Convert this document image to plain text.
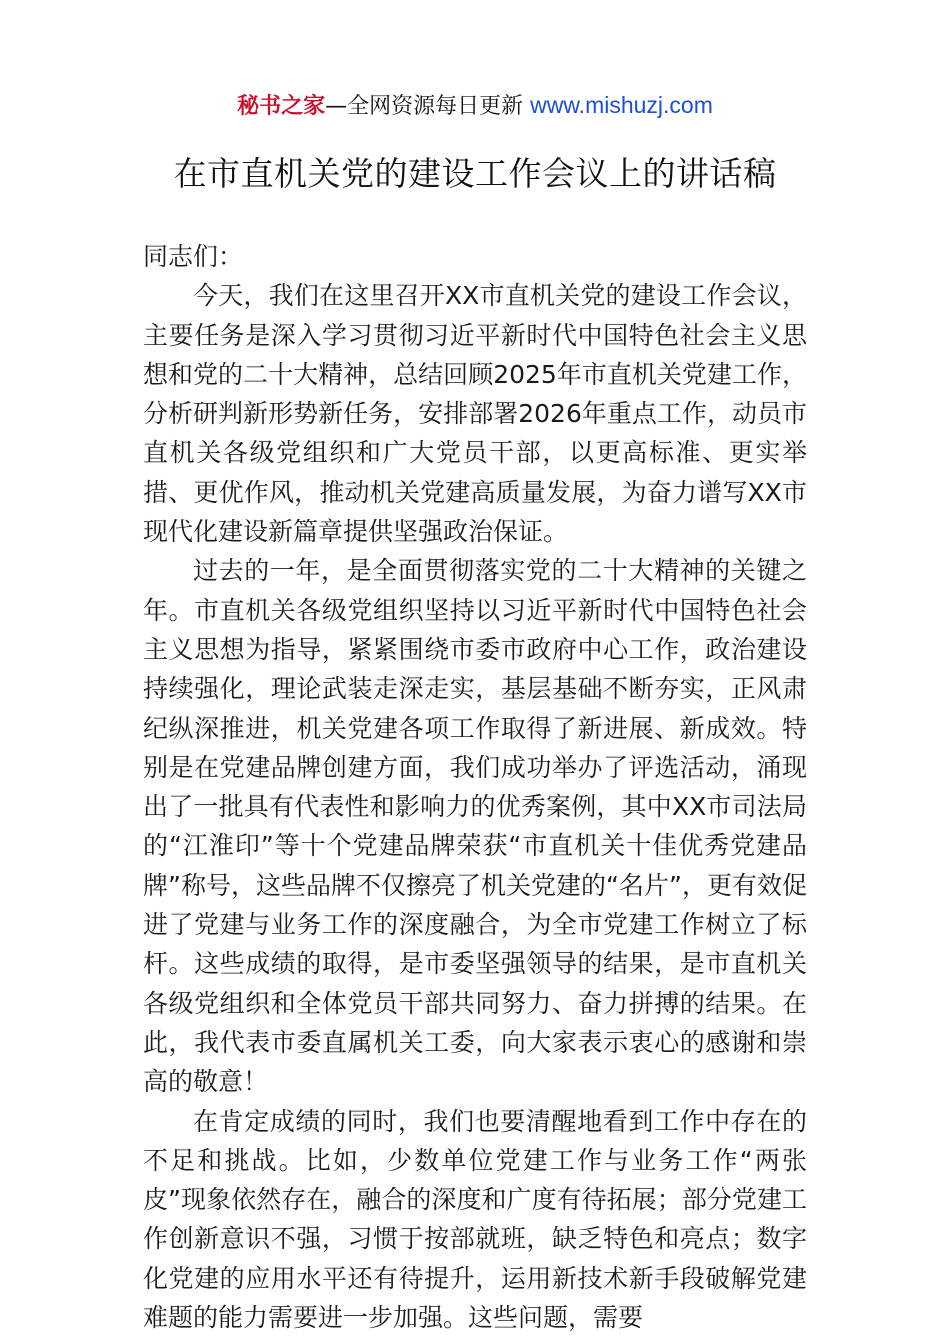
秘书之家—全网资源每日更新 www.mishuzj.com
在市直机关党的建设工作会议上的讲话稿

同志们：

今天，我们在这里召开XX市直机关党的建设工作会议，主要任务是深入学习贯彻习近平新时代中国特色社会主义思想和党的二十大精神，总结回顾2025年市直机关党建工作，分析研判新形势新任务，安排部署2026年重点工作，动员市直机关各级党组织和广大党员干部，以更高标准、更实举措、更优作风，推动机关党建高质量发展，为奋力谱写XX市现代化建设新篇章提供坚强政治保证。

过去的一年，是全面贯彻落实党的二十大精神的关键之年。市直机关各级党组织坚持以习近平新时代中国特色社会主义思想为指导，紧紧围绕市委市政府中心工作，政治建设持续强化，理论武装走深走实，基层基础不断夯实，正风肃纪纵深推进，机关党建各项工作取得了新进展、新成效。特别是在党建品牌创建方面，我们成功举办了评选活动，涌现出了一批具有代表性和影响力的优秀案例，其中XX市司法局的“江淮印”等十个党建品牌荣获“市直机关十佳优秀党建品牌”称号，这些品牌不仅擦亮了机关党建的“名片”，更有效促进了党建与业务工作的深度融合，为全市党建工作树立了标杆。这些成绩的取得，是市委坚强领导的结果，是市直机关各级党组织和全体党员干部共同努力、奋力拼搏的结果。在此，我代表市委直属机关工委，向大家表示衷心的感谢和崇高的敬意！

在肯定成绩的同时，我们也要清醒地看到工作中存在的不足和挑战。比如，少数单位党建工作与业务工作“两张皮”现象依然存在，融合的深度和广度有待拓展；部分党建工作创新意识不强，习惯于按部就班，缺乏特色和亮点；数字化党建的应用水平还有待提升，运用新技术新手段破解党建难题的能力需要进一步加强。这些问题，需要
